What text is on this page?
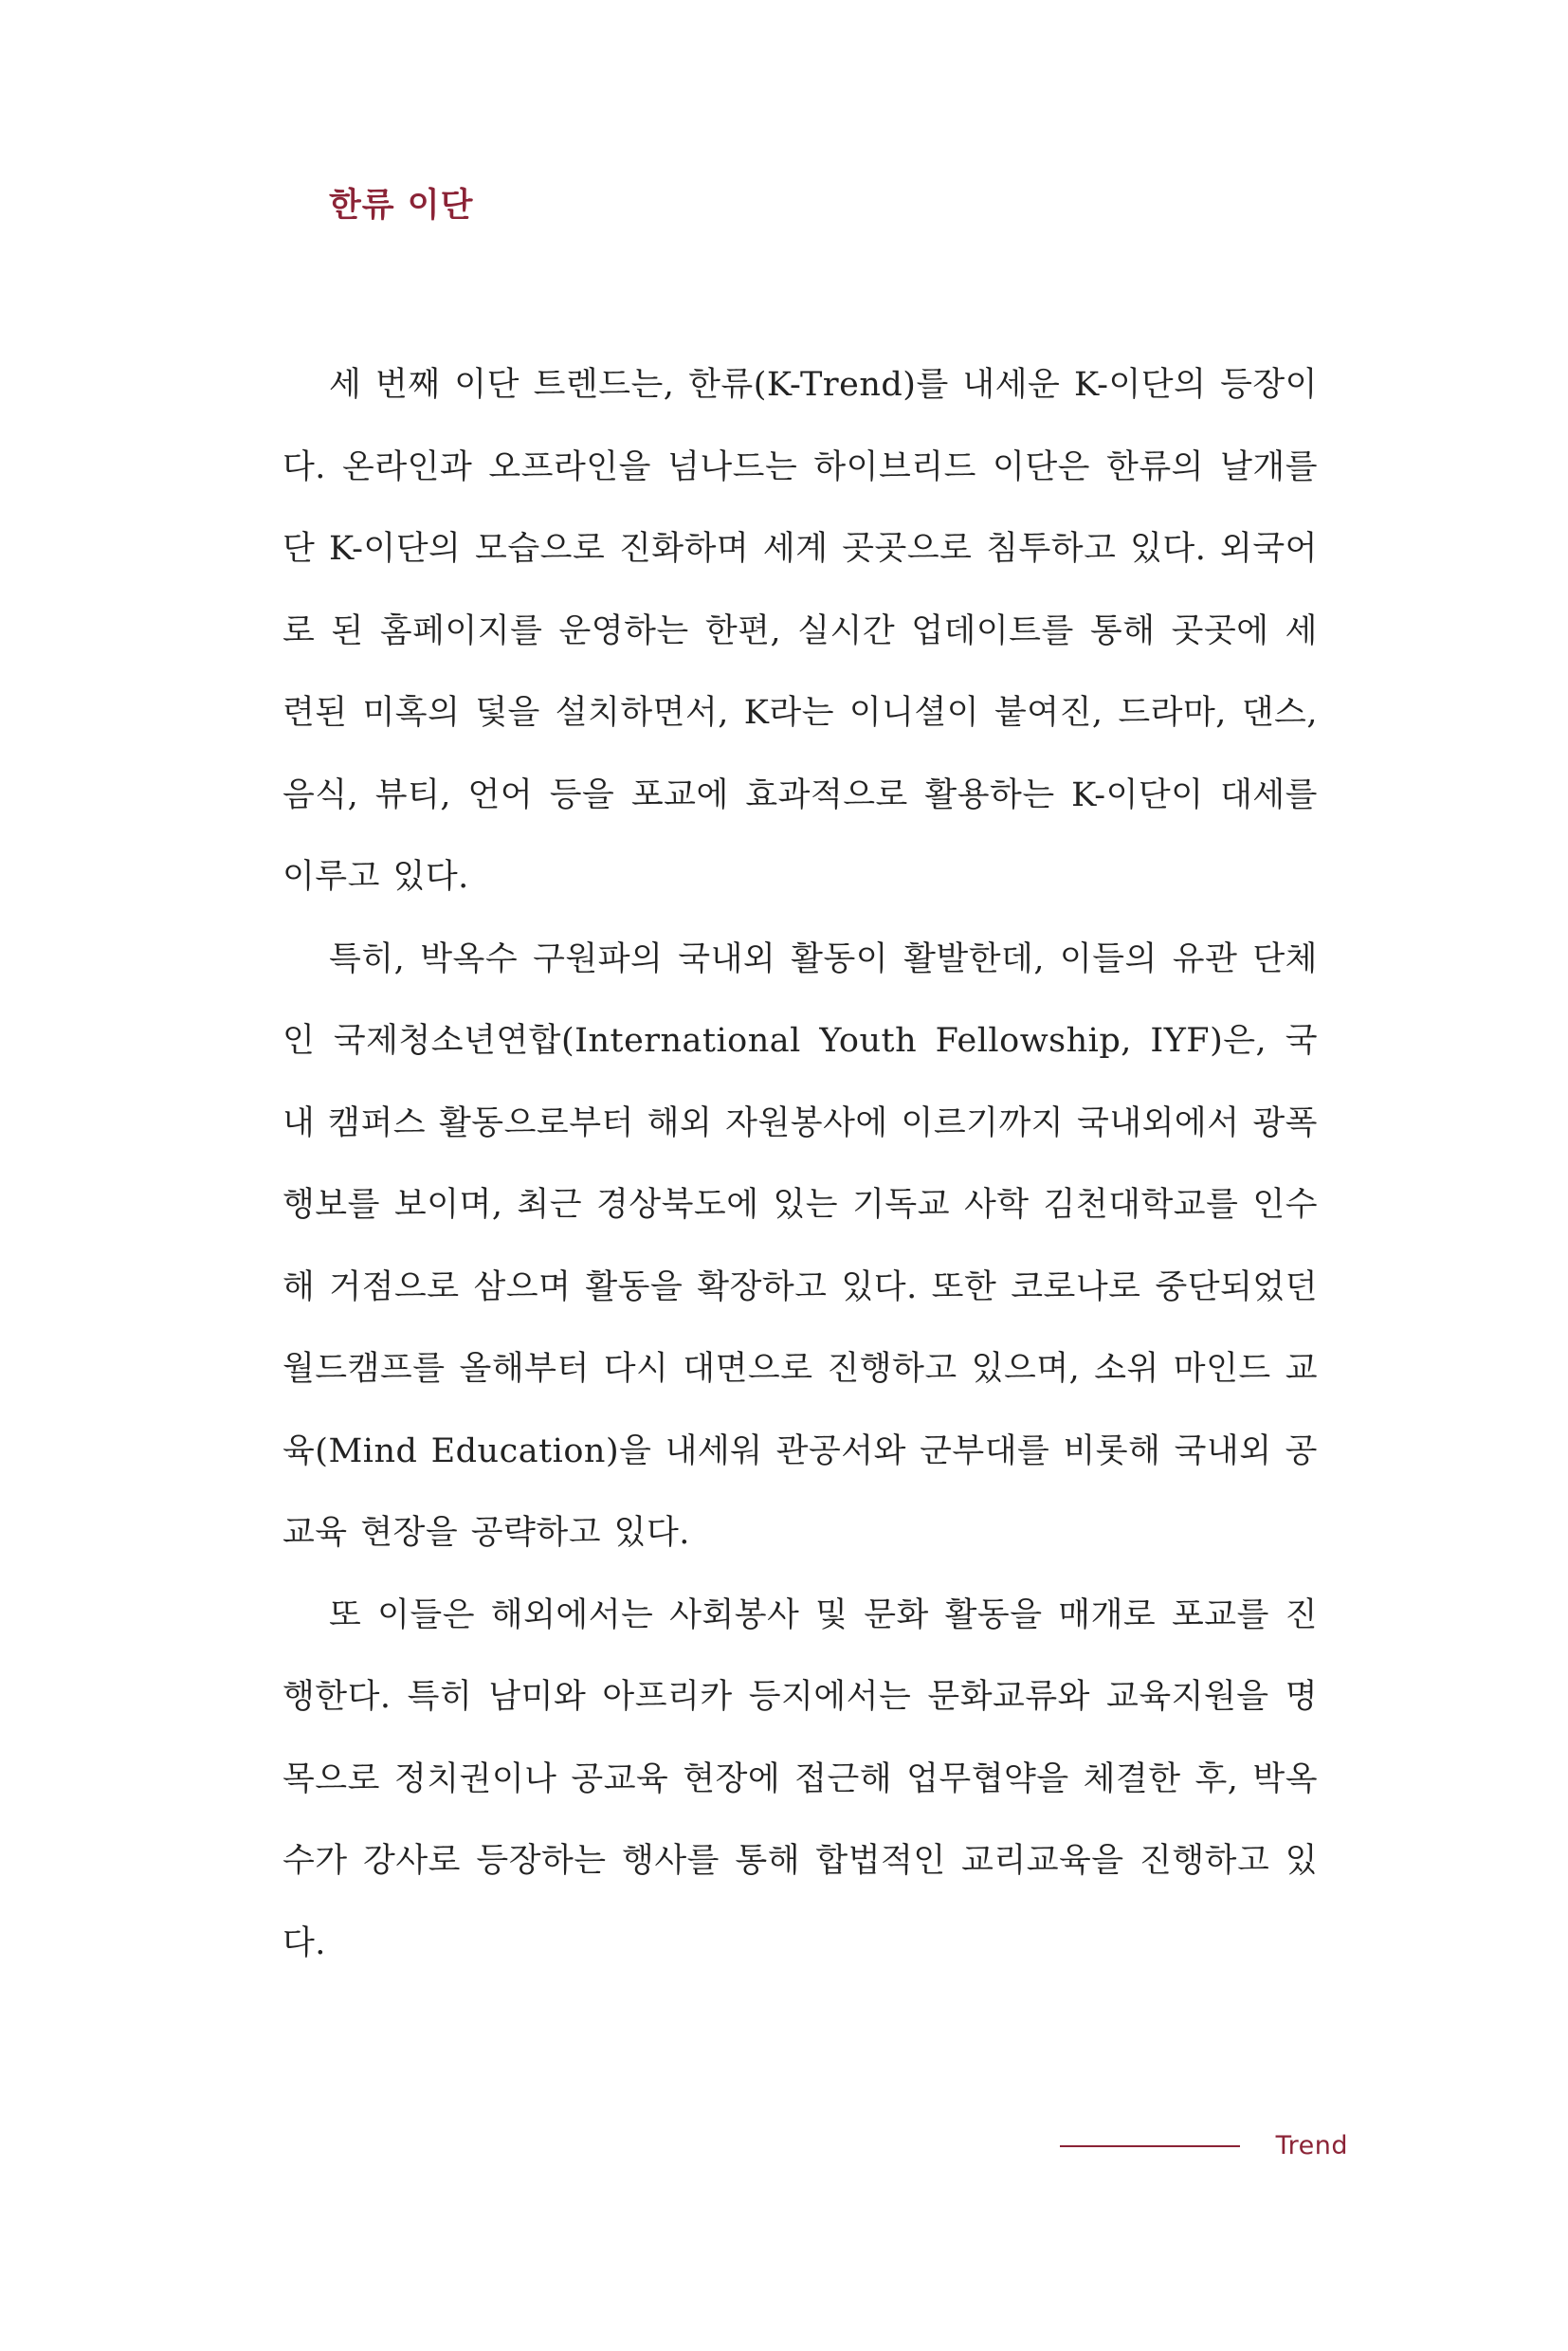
한류 이단

세 번째 이단 트렌드는, 한류(K-Trend)를 내세운 K-이단의 등장이다. 온라인과 오프라인을 넘나드는 하이브리드 이단은 한류의 날개를 단 K-이단의 모습으로 진화하며 세계 곳곳으로 침투하고 있다. 외국어로 된 홈페이지를 운영하는 한편, 실시간 업데이트를 통해 곳곳에 세련된 미혹의 덫을 설치하면서, K라는 이니셜이 붙여진, 드라마, 댄스, 음식, 뷰티, 언어 등을 포교에 효과적으로 활용하는 K-이단이 대세를 이루고 있다.

특히, 박옥수 구원파의 국내외 활동이 활발한데, 이들의 유관 단체인 국제청소년연합(International Youth Fellowship, IYF)은, 국내 캠퍼스 활동으로부터 해외 자원봉사에 이르기까지 국내외에서 광폭 행보를 보이며, 최근 경상북도에 있는 기독교 사학 김천대학교를 인수해 거점으로 삼으며 활동을 확장하고 있다. 또한 코로나로 중단되었던 월드캠프를 올해부터 다시 대면으로 진행하고 있으며, 소위 마인드 교육(Mind Education)을 내세워 관공서와 군부대를 비롯해 국내외 공교육 현장을 공략하고 있다.

또 이들은 해외에서는 사회봉사 및 문화 활동을 매개로 포교를 진행한다. 특히 남미와 아프리카 등지에서는 문화교류와 교육지원을 명목으로 정치권이나 공교육 현장에 접근해 업무협약을 체결한 후, 박옥수가 강사로 등장하는 행사를 통해 합법적인 교리교육을 진행하고 있다.

Trend
